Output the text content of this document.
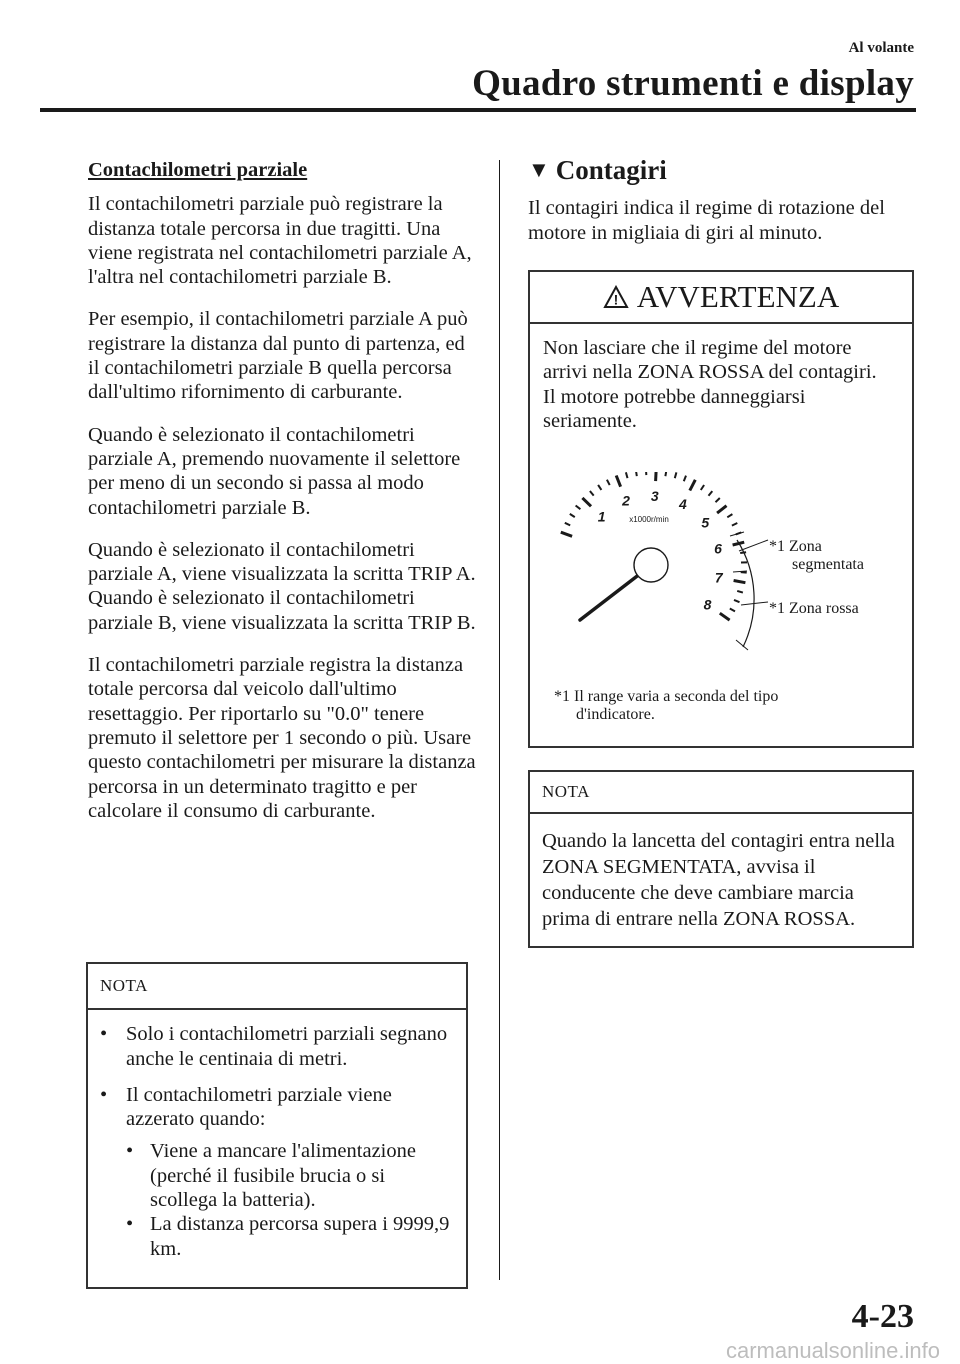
Al volante
Quadro strumenti e display
Contachilometri parziale

Il contachilometri parziale può registrare la distanza totale percorsa in due tragitti. Una viene registrata nel contachilometri parziale A, l'altra nel contachilometri parziale B.

Per esempio, il contachilometri parziale A può registrare la distanza dal punto di partenza, ed il contachilometri parziale B quella percorsa dall'ultimo rifornimento di carburante.

Quando è selezionato il contachilometri parziale A, premendo nuovamente il selettore per meno di un secondo si passa al modo contachilometri parziale B.

Quando è selezionato il contachilometri parziale A, viene visualizzata la scritta TRIP A. Quando è selezionato il contachilometri parziale B, viene visualizzata la scritta TRIP B.

Il contachilometri parziale registra la distanza totale percorsa dal veicolo dall'ultimo resettaggio. Per riportarlo su "0.0" tenere premuto il selettore per 1 secondo o più. Usare questo contachilometri per misurare la distanza percorsa in un determinato tragitto e per calcolare il consumo di carburante.

NOTA
• Solo i contachilometri parziali segnano anche le centinaia di metri.
• Il contachilometri parziale viene azzerato quando:
• Viene a mancare l'alimentazione (perché il fusibile brucia o si scollega la batteria).
• La distanza percorsa supera i 9999,9 km.
▼ Contagiri

Il contagiri indica il regime di rotazione del motore in migliaia di giri al minuto.

! AVVERTENZA
Non lasciare che il regime del motore arrivi nella ZONA ROSSA del contagiri.
Il motore potrebbe danneggiarsi seriamente.
x1000r/min
1
2 3 4
5
6
7
8
*1 Zona segmentata
*1 Zona rossa
*1 Il range varia a seconda del tipo
d'indicatore.
NOTA
Quando la lancetta del contagiri entra nella ZONA SEGMENTATA, avvisa il conducente che deve cambiare marcia prima di entrare nella ZONA ROSSA.
4-23
carmanualsonline.info
